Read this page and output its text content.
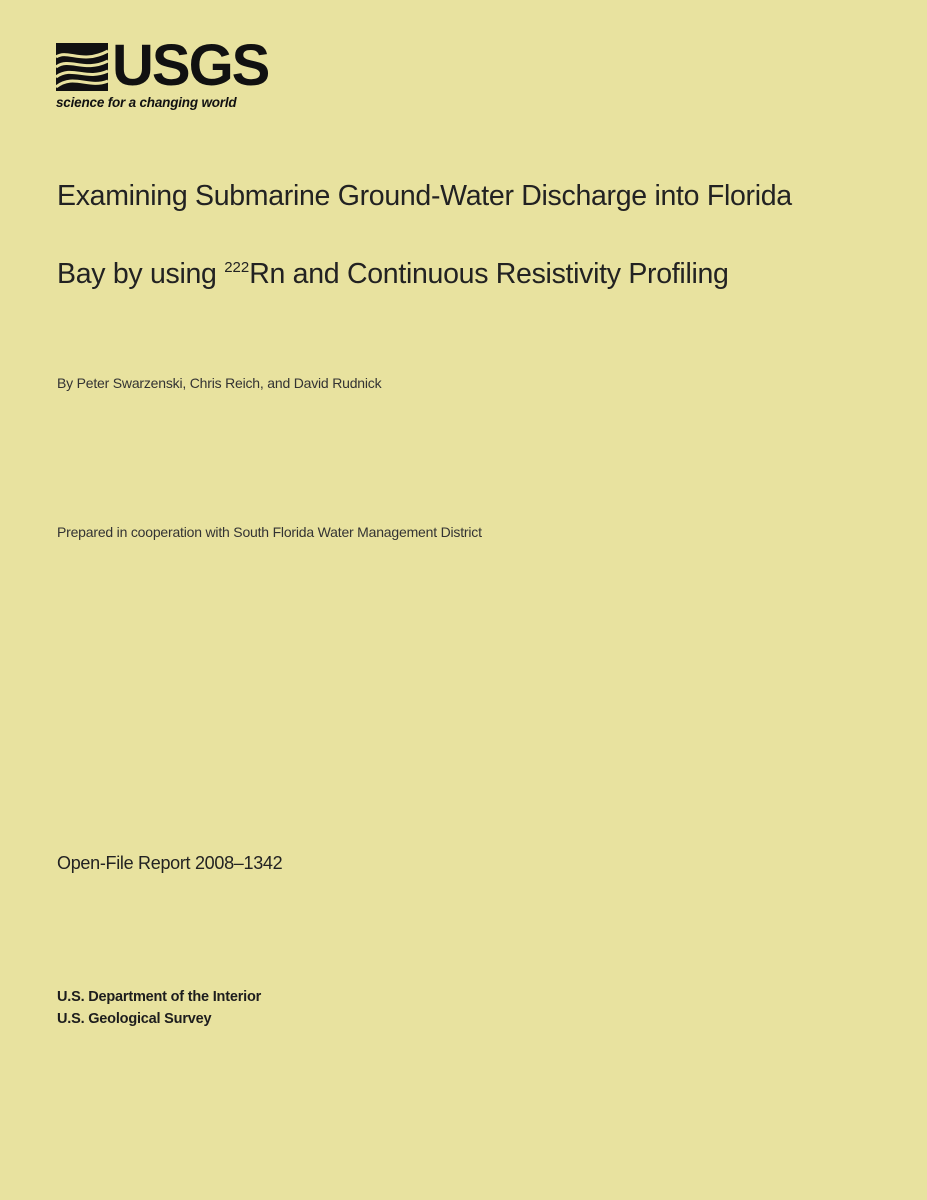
USGS
science for a changing world
Examining Submarine Ground-Water Discharge into Florida
Bay by using $^{222}$Rn and Continuous Resistivity Profiling
By Peter Swarzenski, Chris Reich, and David Rudnick
Prepared in cooperation with South Florida Water Management District
Open-File Report 2008–1342
U.S. Department of the Interior
U.S. Geological Survey
